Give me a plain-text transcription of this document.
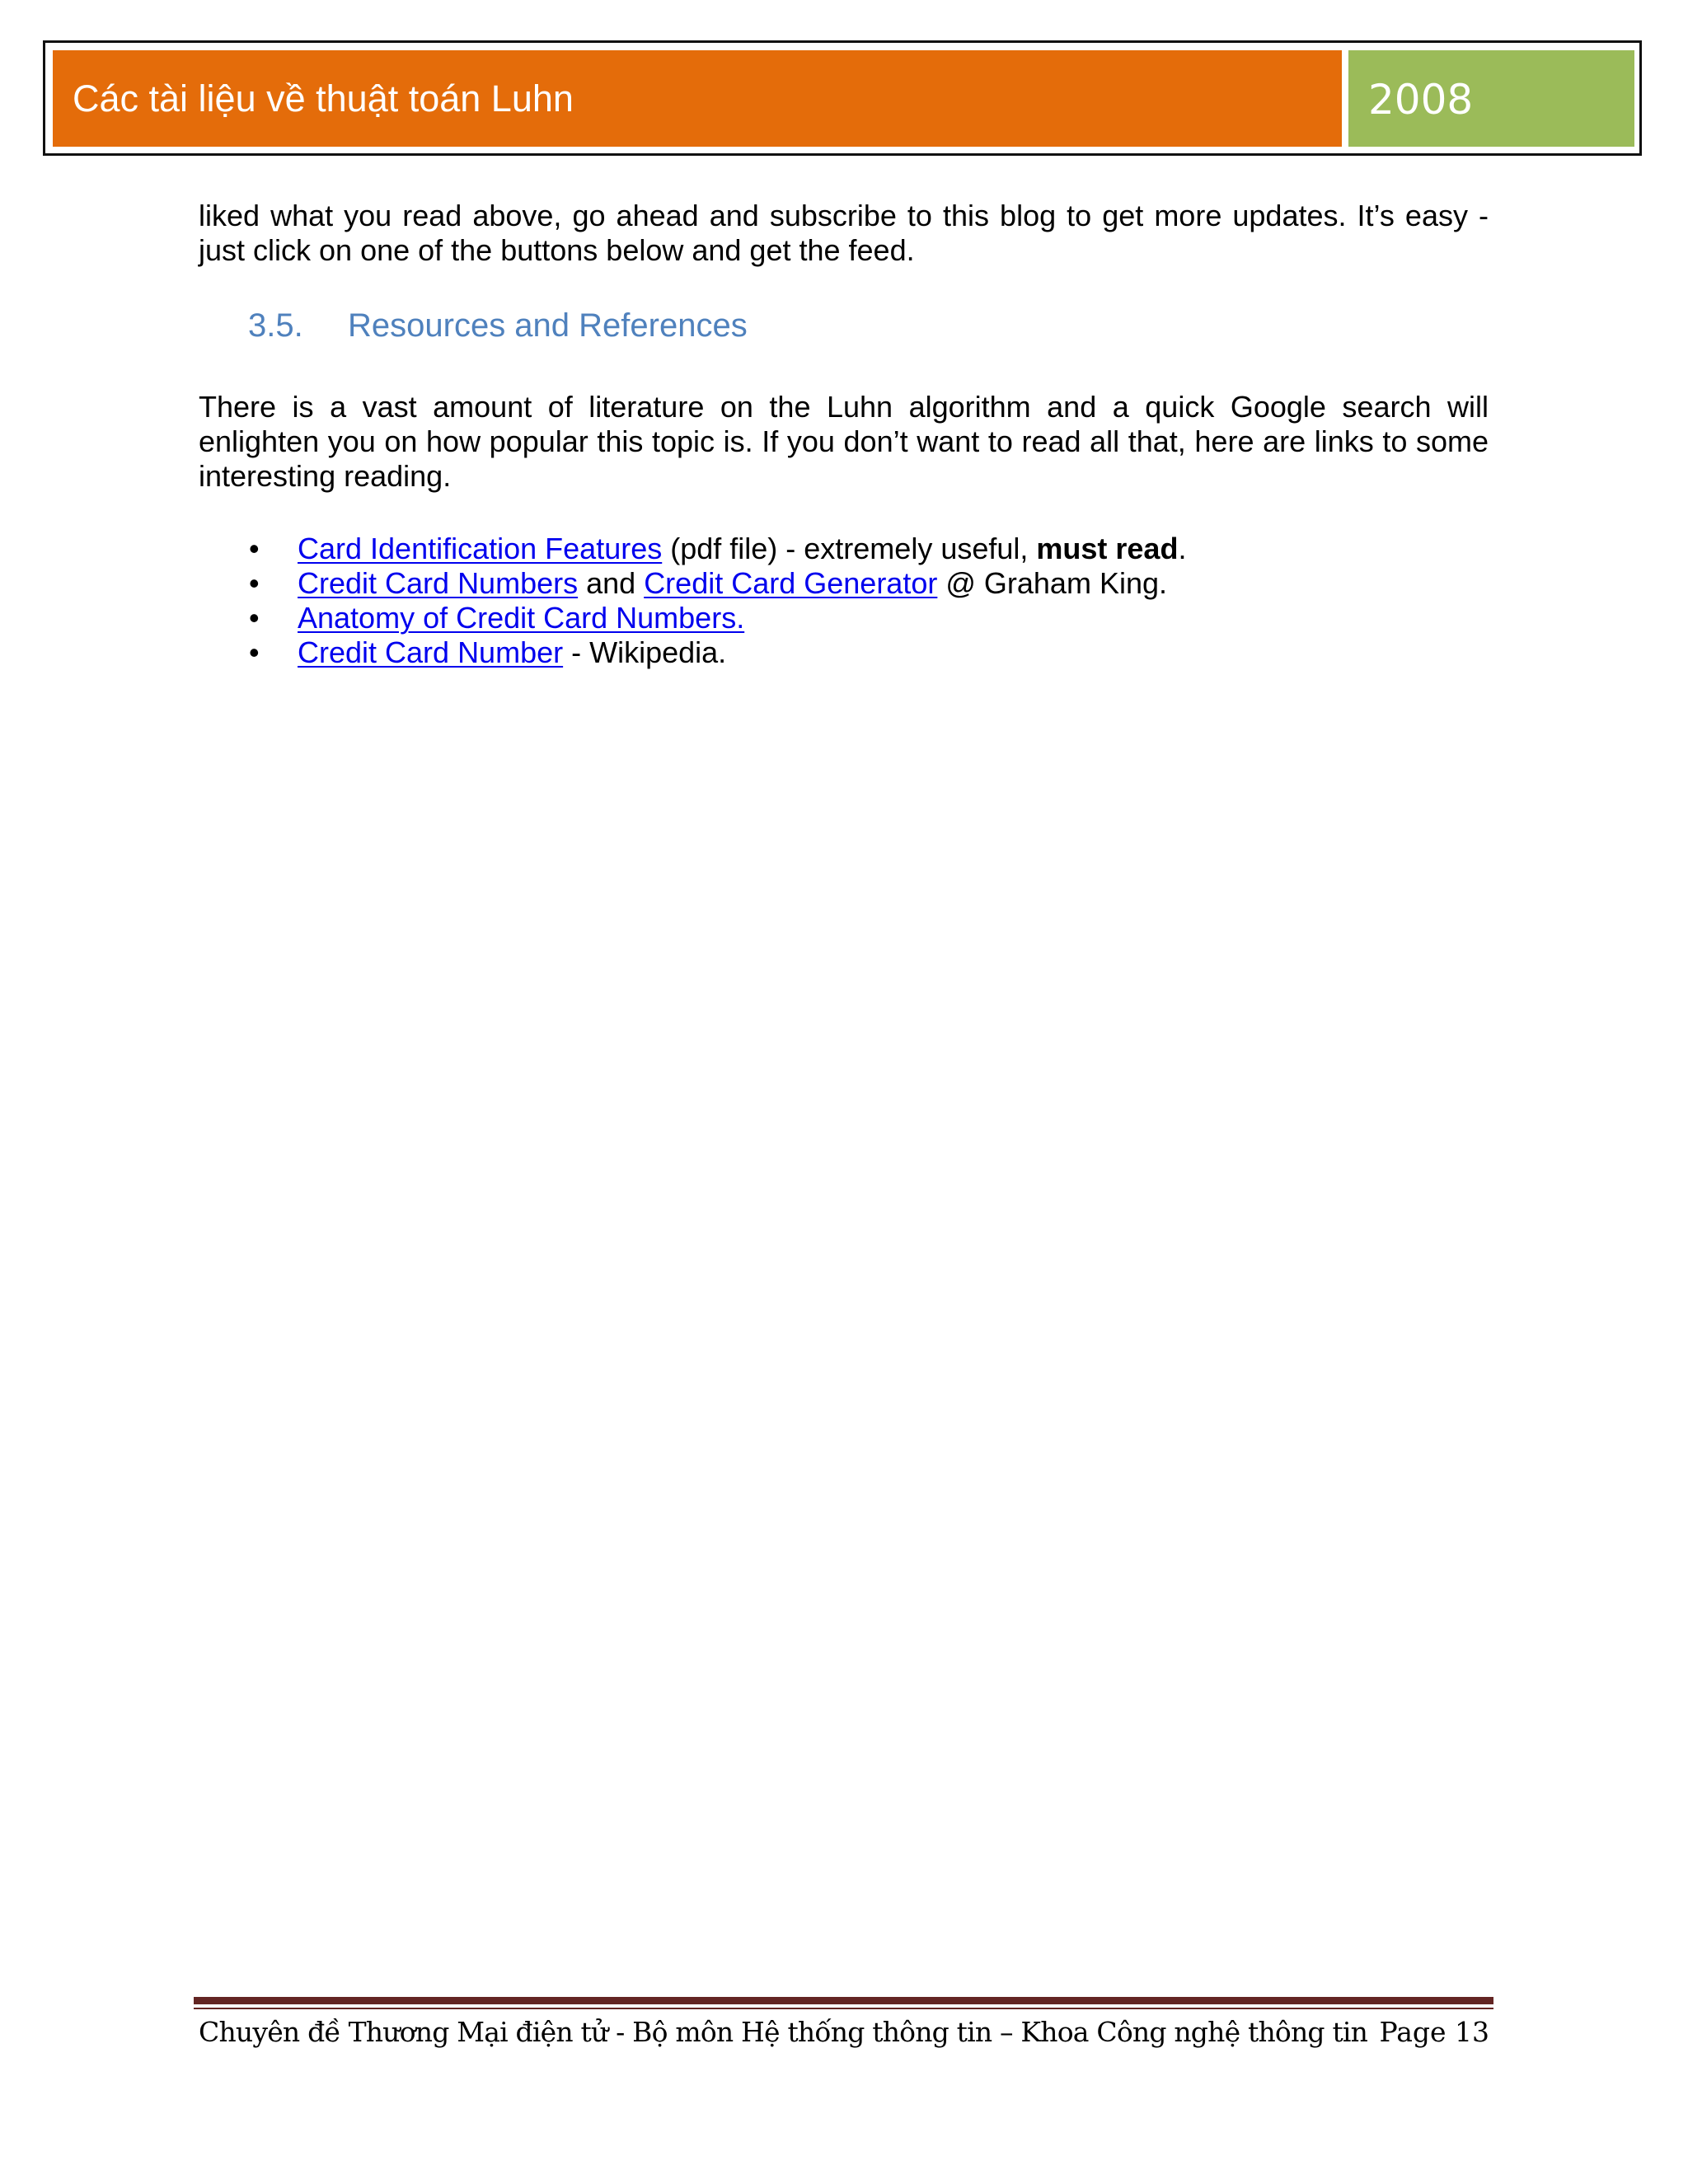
Các tài liệu về thuật toán Luhn	2008

liked what you read above, go ahead and subscribe to this blog to get more updates. It’s easy - just click on one of the buttons below and get the feed.

3.5. Resources and References

There is a vast amount of literature on the Luhn algorithm and a quick Google search will enlighten you on how popular this topic is. If you don’t want to read all that, here are links to some interesting reading.

• Card Identification Features (pdf file) - extremely useful, must read.
• Credit Card Numbers and Credit Card Generator @ Graham King.
• Anatomy of Credit Card Numbers.
• Credit Card Number - Wikipedia.
Chuyên đề Thương Mại điện tử - Bộ môn Hệ thống thông tin – Khoa Công nghệ thông tin Page 13
